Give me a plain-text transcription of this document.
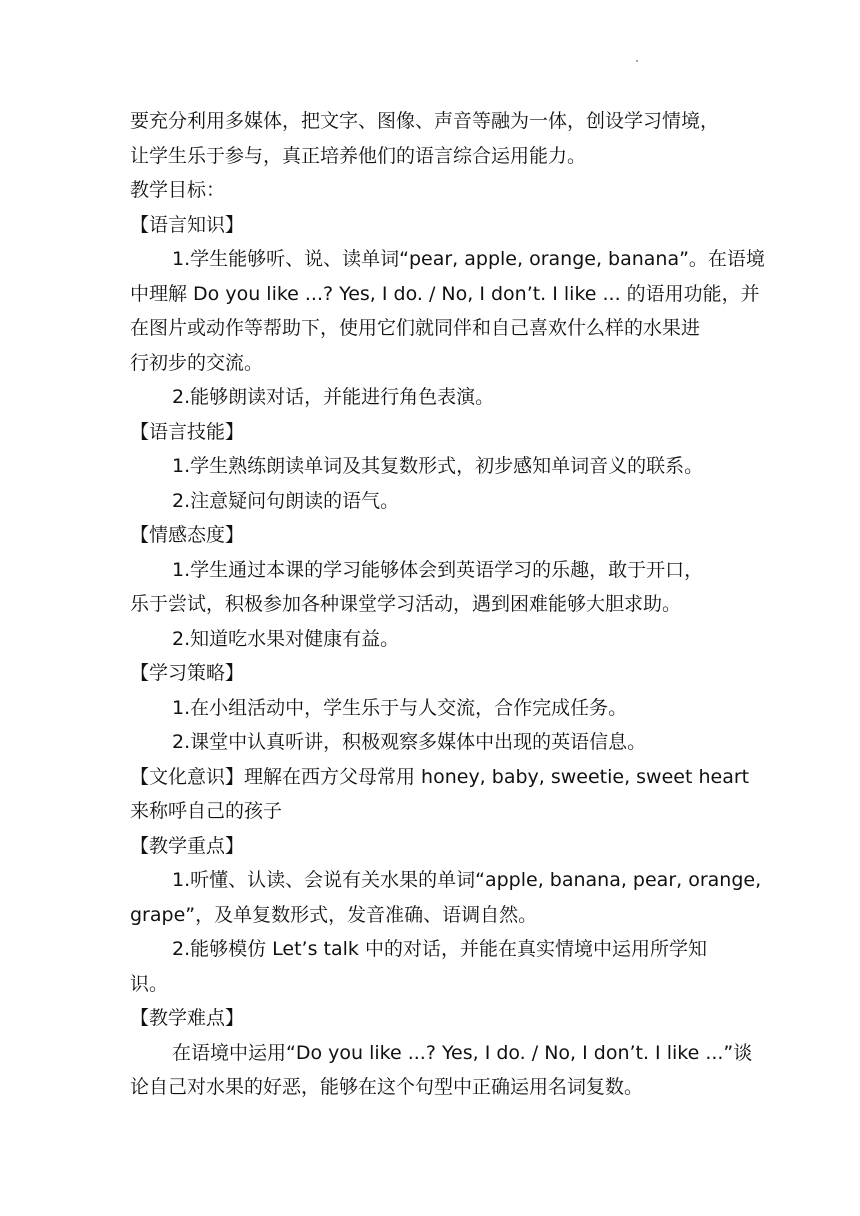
要充分利用多媒体，把文字、图像、声音等融为一体，创设学习情境，
让学生乐于参与，真正培养他们的语言综合运用能力。
教学目标：
【语言知识】
1.学生能够听、说、读单词“pear, apple, orange, banana”。在语境
中理解 Do you like ...? Yes, I do. / No, I don’t. I like ... 的语用功能，并
在图片或动作等帮助下，使用它们就同伴和自己喜欢什么样的水果进
行初步的交流。
2.能够朗读对话，并能进行角色表演。
【语言技能】
1.学生熟练朗读单词及其复数形式，初步感知单词音义的联系。
2.注意疑问句朗读的语气。
【情感态度】
1.学生通过本课的学习能够体会到英语学习的乐趣，敢于开口，
乐于尝试，积极参加各种课堂学习活动，遇到困难能够大胆求助。
2.知道吃水果对健康有益。
【学习策略】
1.在小组活动中，学生乐于与人交流，合作完成任务。
2.课堂中认真听讲，积极观察多媒体中出现的英语信息。
【文化意识】理解在西方父母常用 honey, baby, sweetie, sweet heart
来称呼自己的孩子
【教学重点】
1.听懂、认读、会说有关水果的单词“apple, banana, pear, orange,
grape”，及单复数形式，发音准确、语调自然。
2.能够模仿 Let’s talk 中的对话，并能在真实情境中运用所学知
识。
【教学难点】
在语境中运用“Do you like ...? Yes, I do. / No, I don’t. I like ...”谈
论自己对水果的好恶，能够在这个句型中正确运用名词复数。
